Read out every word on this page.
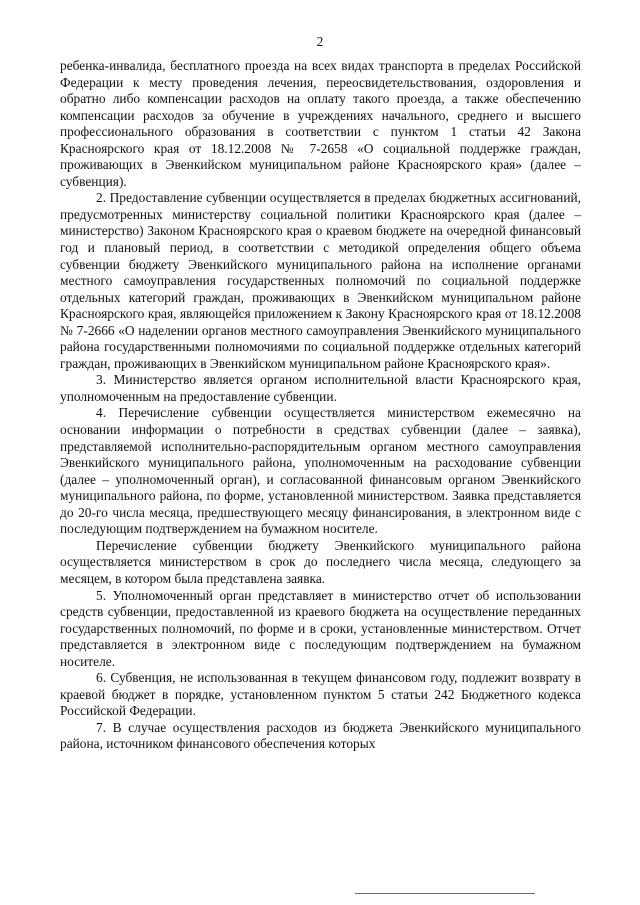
2

ребенка-инвалида, бесплатного проезда на всех видах транспорта в пределах Российской Федерации к месту проведения лечения, переосвидетельствования, оздоровления и обратно либо компенсации расходов на оплату такого проезда, а также обеспечению компенсации расходов за обучение в учреждениях начального, среднего и высшего профессионального образования в соответствии с пунктом 1 статьи 42 Закона Красноярского края от 18.12.2008 № 7-2658 «О социальной поддержке граждан, проживающих в Эвенкийском муниципальном районе Красноярского края» (далее – субвенция).

2. Предоставление субвенции осуществляется в пределах бюджетных ассигнований, предусмотренных министерству социальной политики Красноярского края (далее – министерство) Законом Красноярского края о краевом бюджете на очередной финансовый год и плановый период, в соответствии с методикой определения общего объема субвенции бюджету Эвенкийского муниципального района на исполнение органами местного самоуправления государственных полномочий по социальной поддержке отдельных категорий граждан, проживающих в Эвенкийском муниципальном районе Красноярского края, являющейся приложением к Закону Красноярского края от 18.12.2008 № 7-2666 «О наделении органов местного самоуправления Эвенкийского муниципального района государственными полномочиями по социальной поддержке отдельных категорий граждан, проживающих в Эвенкийском муниципальном районе Красноярского края».

3. Министерство является органом исполнительной власти Красноярского края, уполномоченным на предоставление субвенции.

4. Перечисление субвенции осуществляется министерством ежемесячно на основании информации о потребности в средствах субвенции (далее – заявка), представляемой исполнительно-распорядительным органом местного самоуправления Эвенкийского муниципального района, уполномоченным на расходование субвенции (далее – уполномоченный орган), и согласованной финансовым органом Эвенкийского муниципального района, по форме, установленной министерством. Заявка представляется до 20-го числа месяца, предшествующего месяцу финансирования, в электронном виде с последующим подтверждением на бумажном носителе.

Перечисление субвенции бюджету Эвенкийского муниципального района осуществляется министерством в срок до последнего числа месяца, следующего за месяцем, в котором была представлена заявка.

5. Уполномоченный орган представляет в министерство отчет об использовании средств субвенции, предоставленной из краевого бюджета на осуществление переданных государственных полномочий, по форме и в сроки, установленные министерством. Отчет представляется в электронном виде с последующим подтверждением на бумажном носителе.

6. Субвенция, не использованная в текущем финансовом году, подлежит возврату в краевой бюджет в порядке, установленном пунктом 5 статьи 242 Бюджетного кодекса Российской Федерации.

7. В случае осуществления расходов из бюджета Эвенкийского муниципального района, источником финансового обеспечения которых
